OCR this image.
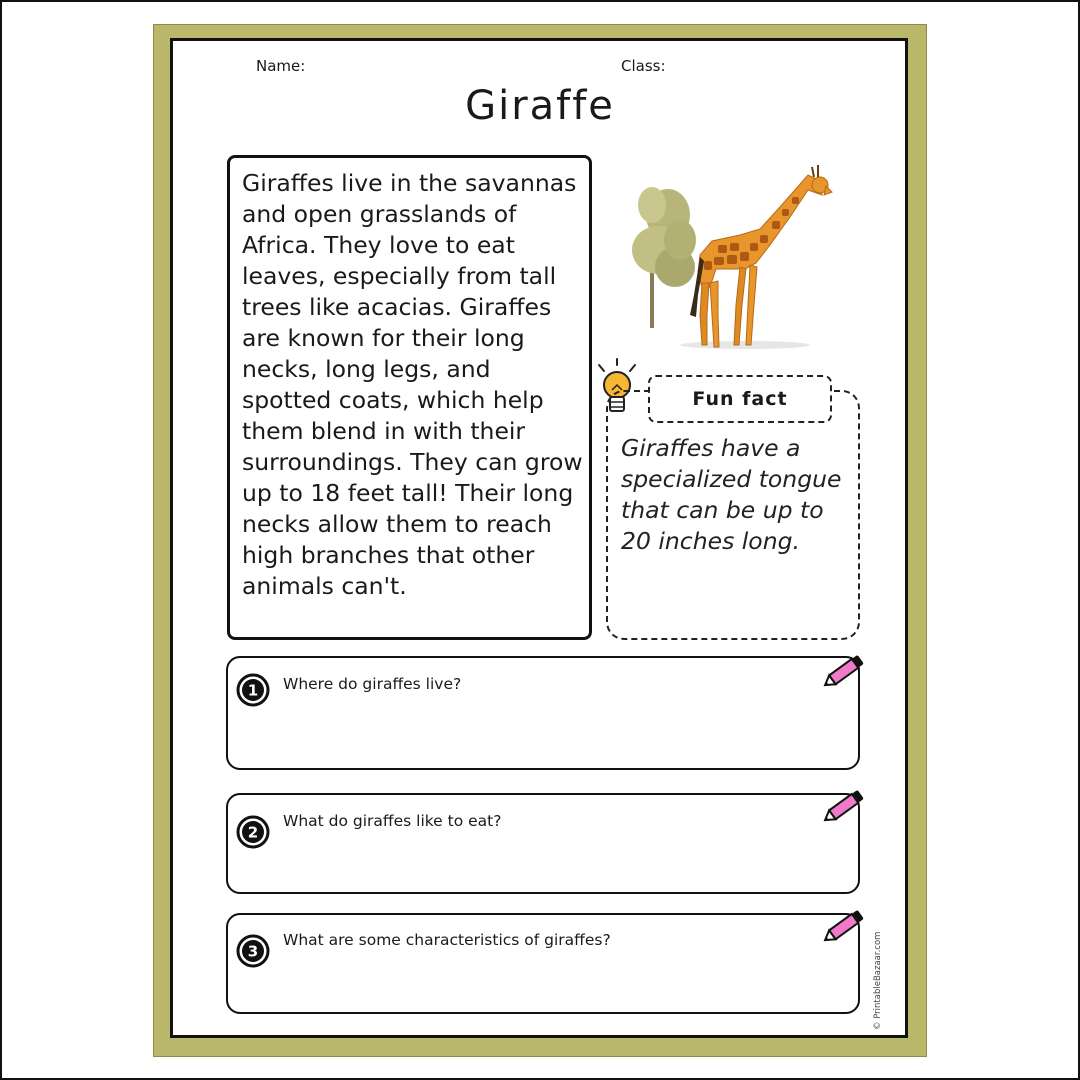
Name:	Class:
Giraffe
Giraffes live in the savannas and open grasslands of Africa. They love to eat leaves, especially from tall trees like acacias. Giraffes are known for their long necks, long legs, and spotted coats, which help them blend in with their surroundings. They can grow up to 18 feet tall! Their long necks allow them to reach high branches that other animals can't.
Fun fact
Giraffes have a specialized tongue that can be up to 20 inches long.
1 Where do giraffes live?
2
What do giraffes like to eat?
3
What are some characteristics of giraffes?	© PrintableBazaar.com
